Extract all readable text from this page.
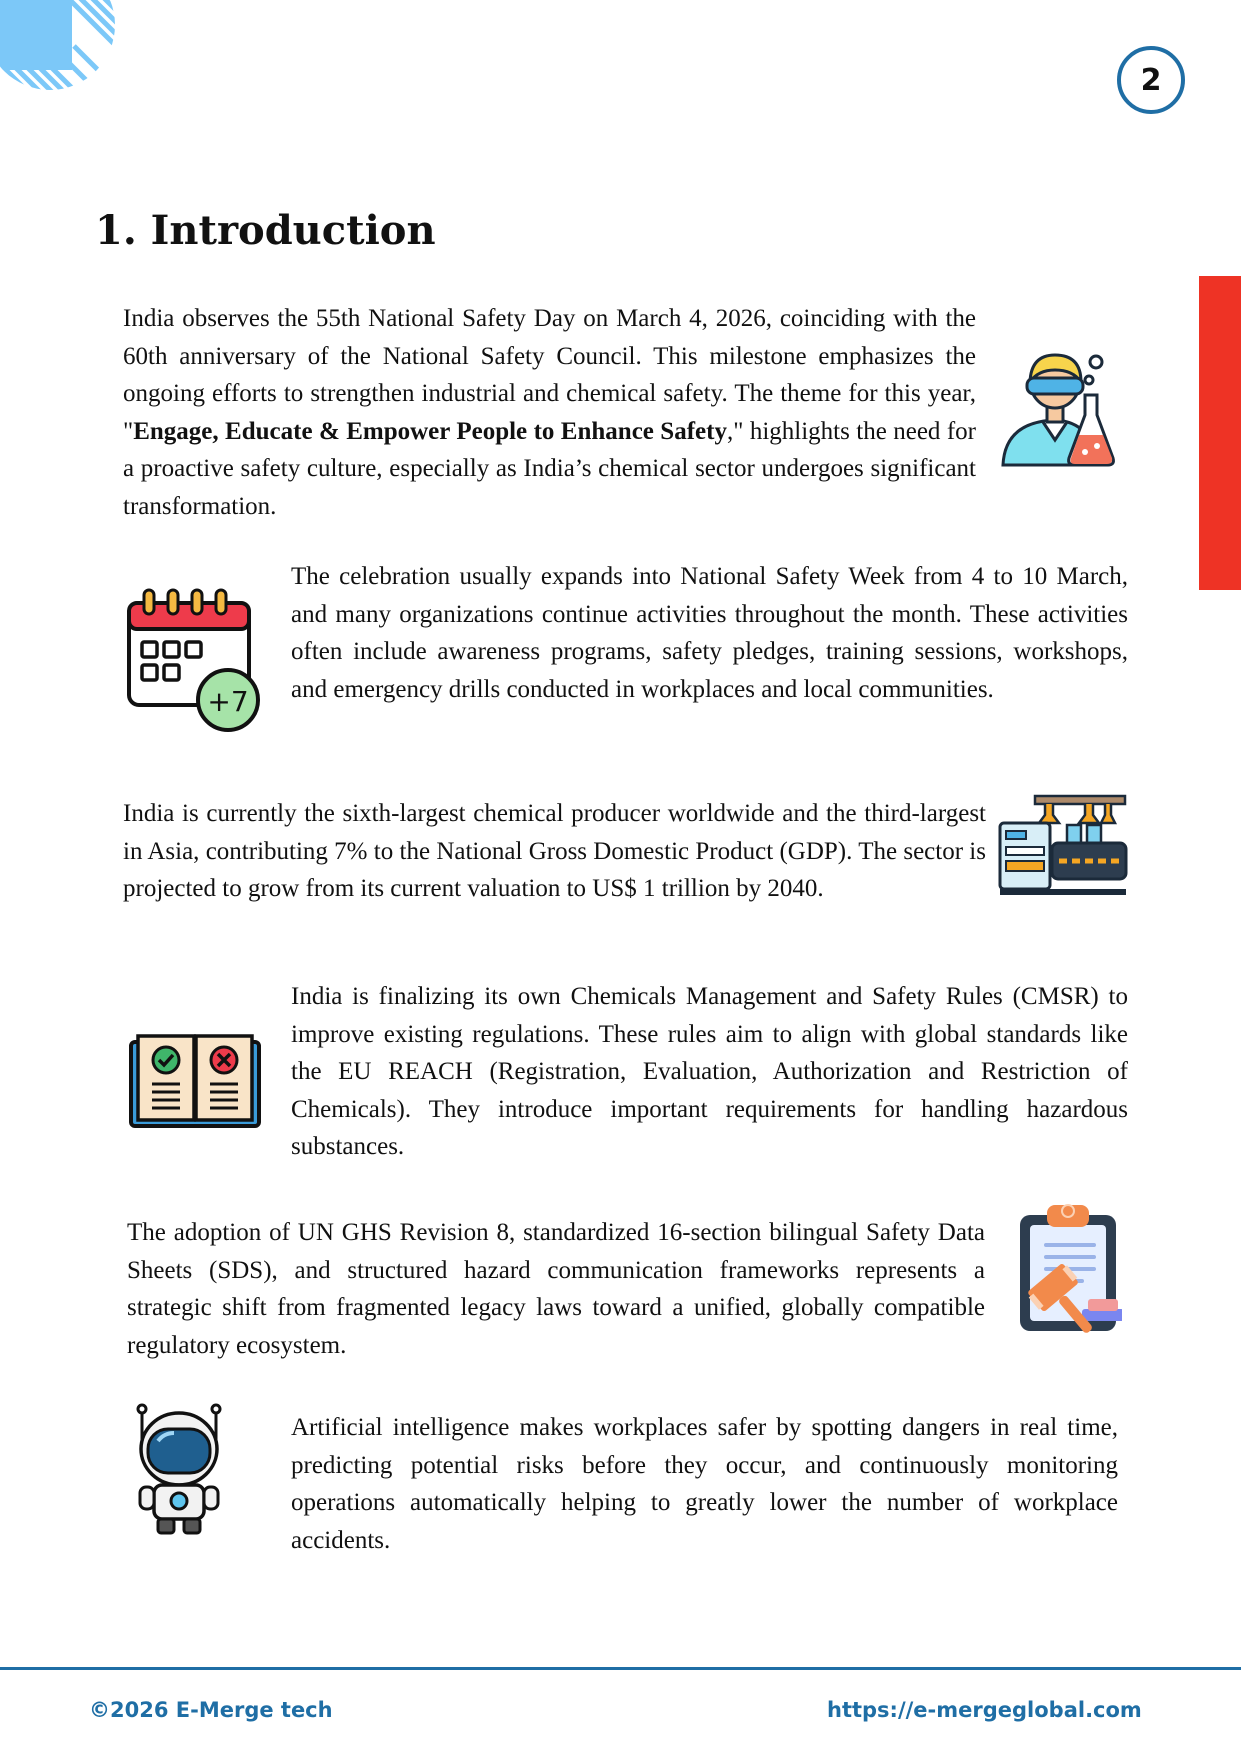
2
1. Introduction

India observes the 55th National Safety Day on March 4, 2026, coinciding with the 60th anniversary of the National Safety Council. This milestone emphasizes the ongoing efforts to strengthen industrial and chemical safety. The theme for this year, "Engage, Educate & Empower People to Enhance Safety," highlights the need for a proactive safety culture, especially as India’s chemical sector undergoes significant transformation.

+7

The celebration usually expands into National Safety Week from 4 to 10 March, and many organizations continue activities throughout the month. These activities often include awareness programs, safety pledges, training sessions, workshops, and emergency drills conducted in workplaces and local communities.

India is currently the sixth-largest chemical producer worldwide and the third-largest in Asia, contributing 7% to the National Gross Domestic Product (GDP). The sector is projected to grow from its current valuation to US$ 1 trillion by 2040.

India is finalizing its own Chemicals Management and Safety Rules (CMSR) to improve existing regulations. These rules aim to align with global standards like the EU REACH (Registration, Evaluation, Authorization and Restriction of Chemicals). They introduce important requirements for handling hazardous substances.

The adoption of UN GHS Revision 8, standardized 16-section bilingual Safety Data Sheets (SDS), and structured hazard communication frameworks represents a strategic shift from fragmented legacy laws toward a unified, globally compatible regulatory ecosystem.

Artificial intelligence makes workplaces safer by spotting dangers in real time, predicting potential risks before they occur, and continuously monitoring operations automatically helping to greatly lower the number of workplace accidents.

©2026 E-Merge tech	https://e-mergeglobal.com
